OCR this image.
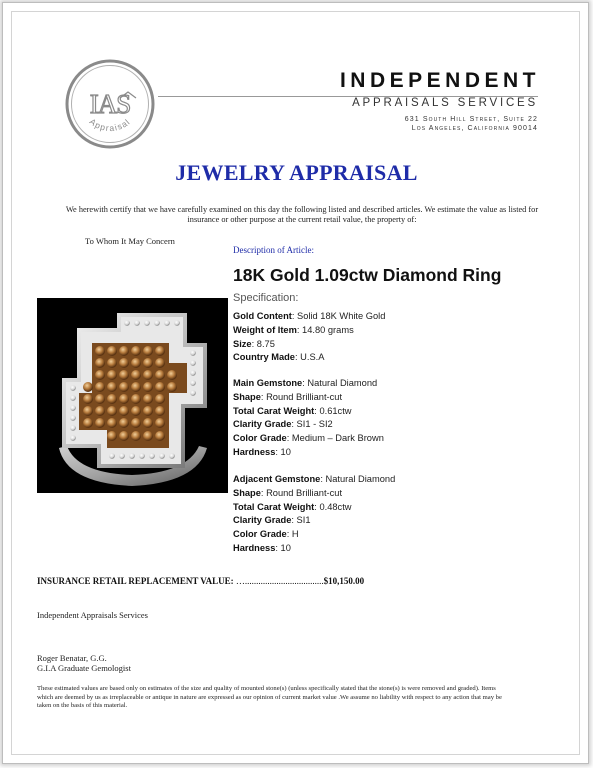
IAS
Appraisal
INDEPENDENT
APPRAISALS SERVICES
631 South Hill Street, Suite 22
Los Angeles, California 90014
JEWELRY APPRAISAL
We herewith certify that we have carefully examined on this day the following listed and described articles. We estimate the value as listed for insurance or other purpose at the current retail value, the property of:
To Whom It May Concern
Description of Article:
18K Gold 1.09ctw Diamond Ring
Specification:
Gold Content: Solid 18K White Gold
Weight of Item: 14.80 grams
Size: 8.75
Country Made: U.S.A
Main Gemstone: Natural Diamond
Shape: Round Brilliant-cut
Total Carat Weight: 0.61ctw
Clarity Grade: SI1 - SI2
Color Grade: Medium – Dark Brown
Hardness: 10
Adjacent Gemstone: Natural Diamond
Shape: Round Brilliant-cut
Total Carat Weight: 0.48ctw
Clarity Grade: SI1
Color Grade: H
Hardness: 10
INSURANCE RETAIL REPLACEMENT VALUE: …...................................$10,150.00
Independent Appraisals Services
Roger Benatar, G.G.
G.I.A Graduate Gemologist
These estimated values are based only on estimates of the size and quality of mounted stone(s) (unless specifically stated that the stone(s) is were removed and graded). Items which are deemed by us as irreplaceable or antique in nature are expressed as our opinion of current market value .We assume no liability with respect to any action that may be taken on the basis of this material.
